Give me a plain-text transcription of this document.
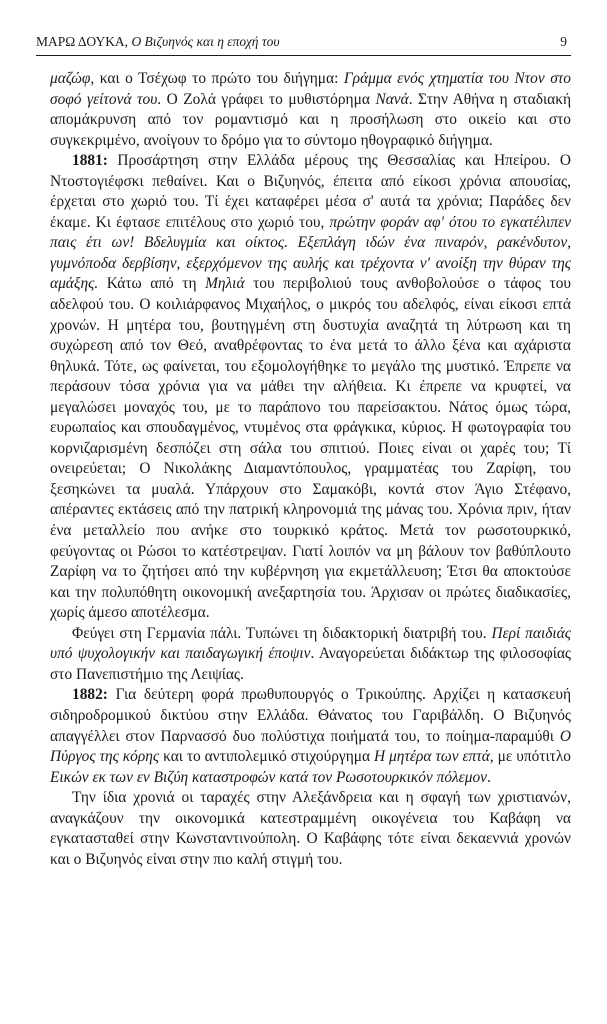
ΜΑΡΩ ΔΟΥΚΑ, Ο Βιζυηνός και η εποχή του	9

μαζώφ, και ο Τσέχωφ το πρώτο του διήγημα: Γράμμα ενός χτηματία του Ντον στο σοφό γείτονά του. Ο Ζολά γράφει το μυθιστόρημα Νανά. Στην Αθήνα η σταδιακή απομάκρυνση από τον ρομαντισμό και η προσήλωση στο οικείο και στο συγκεκριμένο, ανοίγουν το δρόμο για το σύντομο ηθογραφικό διήγημα.

1881: Προσάρτηση στην Ελλάδα μέρους της Θεσσαλίας και Ηπείρου. Ο Ντοστογιέφσκι πεθαίνει. Και ο Βιζυηνός, έπειτα από είκοσι χρόνια απουσίας, έρχεται στο χωριό του. Τί έχει καταφέρει μέσα σ' αυτά τα χρόνια; Παράδες δεν έκαμε. Κι έφτασε επιτέλους στο χωριό του, πρώτην φοράν αφ' ότου το εγκατέλιπεν παις έτι ων! Βδελυγμία και οίκτος. Εξεπλάγη ιδών ένα πιναρόν, ρακένδυτον, γυμνόποδα δερβίσην, εξερχόμενον της αυλής και τρέχοντα ν' ανοίξη την θύραν της αμάξης. Κάτω από τη Μηλιά του περιβολιού τους ανθοβολούσε ο τάφος του αδελφού του. Ο κοιλιάρφανος Μιχαήλος, ο μικρός του αδελφός, είναι είκοσι επτά χρονών. Η μητέρα του, βουτηγμένη στη δυστυχία αναζητά τη λύτρωση και τη συχώρεση από τον Θεό, αναθρέφοντας το ένα μετά το άλλο ξένα και αχάριστα θηλυκά. Τότε, ως φαίνεται, του εξομολογήθηκε το μεγάλο της μυστικό. Έπρεπε να περάσουν τόσα χρόνια για να μάθει την αλήθεια. Κι έπρεπε να κρυφτεί, να μεγαλώσει μοναχός του, με το παράπονο του παρείσακτου. Νάτος όμως τώρα, ευρωπαίος και σπουδαγμένος, ντυμένος στα φράγκικα, κύριος. Η φωτογραφία του κορνιζαρισμένη δεσπόζει στη σάλα του σπιτιού. Ποιες είναι οι χαρές του; Τί ονειρεύεται; Ο Νικολάκης Διαμαντόπουλος, γραμματέας του Ζαρίφη, του ξεσηκώνει τα μυαλά. Υπάρχουν στο Σαμακόβι, κοντά στον Άγιο Στέφανο, απέραντες εκτάσεις από την πατρική κληρονομιά της μάνας του. Χρόνια πριν, ήταν ένα μεταλλείο που ανήκε στο τουρκικό κράτος. Μετά τον ρωσοτουρκικό, φεύγοντας οι Ρώσοι το κατέστρεψαν. Γιατί λοιπόν να μη βάλουν τον βαθύπλουτο Ζαρίφη να το ζητήσει από την κυβέρνηση για εκμετάλλευση; Έτσι θα αποκτούσε και την πολυπόθητη οικονομική ανεξαρτησία του. Άρχισαν οι πρώτες διαδικασίες, χωρίς άμεσο αποτέλεσμα.

Φεύγει στη Γερμανία πάλι. Τυπώνει τη διδακτορική διατριβή του. Περί παιδιάς υπό ψυχολογικήν και παιδαγωγική έποψιν. Αναγορεύεται διδάκτωρ της φιλοσοφίας στο Πανεπιστήμιο της Λειψίας.

1882: Για δεύτερη φορά πρωθυπουργός ο Τρικούπης. Αρχίζει η κατασκευή σιδηροδρομικού δικτύου στην Ελλάδα. Θάνατος του Γαριβάλδη. Ο Βιζυηνός απαγγέλλει στον Παρνασσό δυο πολύστιχα ποιήματά του, το ποίημα-παραμύθι Ο Πύργος της κόρης και το αντιπολεμικό στιχούργημα Η μητέρα των επτά, με υπότιτλο Εικών εκ των εν Βιζύη καταστροφών κατά τον Ρωσοτουρκικόν πόλεμον.

Την ίδια χρονιά οι ταραχές στην Αλεξάνδρεια και η σφαγή των χριστιανών, αναγκάζουν την οικονομικά κατεστραμμένη οικογένεια του Καβάφη να εγκατασταθεί στην Κωνσταντινούπολη. Ο Καβάφης τότε είναι δεκαεννιά χρονών και ο Βιζυηνός είναι στην πιο καλή στιγμή του.
